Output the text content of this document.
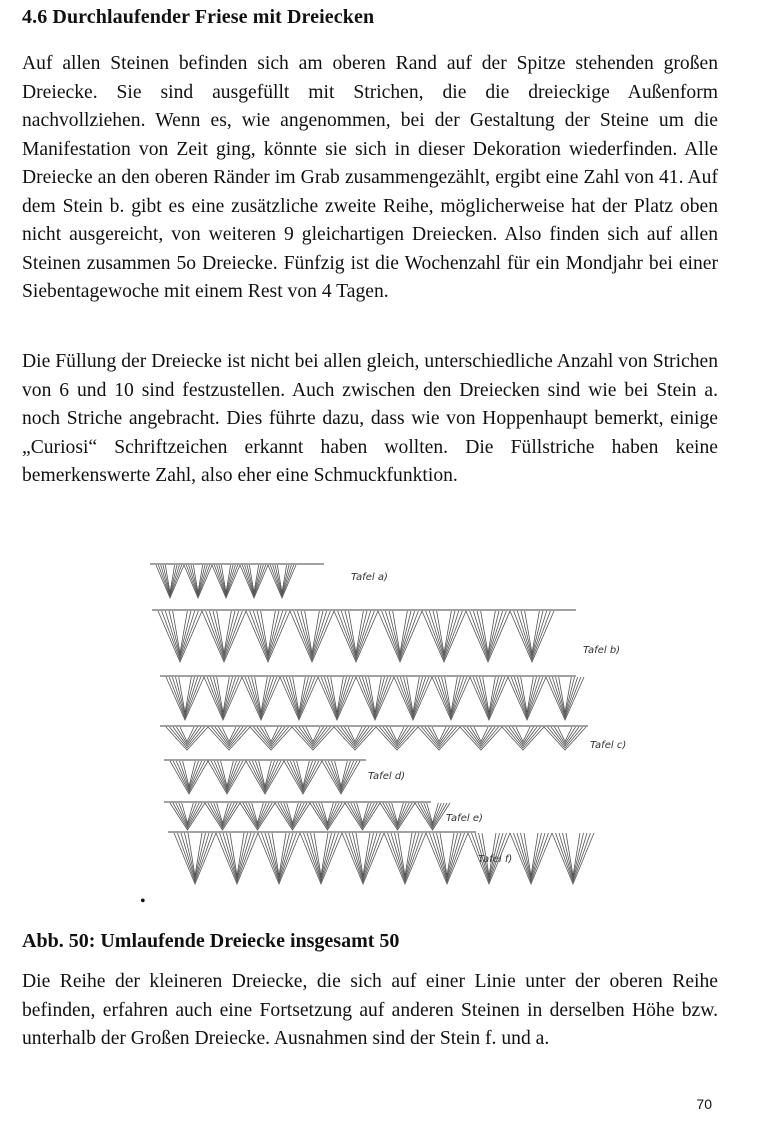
4.6 Durchlaufender Friese mit Dreiecken

Auf allen Steinen befinden sich am oberen Rand auf der Spitze stehenden großen Dreiecke. Sie sind ausgefüllt mit Strichen, die die dreieckige Außenform nachvollziehen. Wenn es, wie angenommen, bei der Gestaltung der Steine um die Manifestation von Zeit ging, könnte sie sich in dieser Dekoration wiederfinden. Alle Dreiecke an den oberen Ränder im Grab zusammengezählt, ergibt eine Zahl von 41. Auf dem Stein b. gibt es eine zusätzliche zweite Reihe, möglicherweise hat der Platz oben nicht ausgereicht, von weiteren 9 gleichartigen Dreiecken. Also finden sich auf allen Steinen zusammen 5o Dreiecke. Fünfzig ist die Wochenzahl für ein Mondjahr bei einer Siebentagewoche mit einem Rest von 4 Tagen.

Die Füllung der Dreiecke ist nicht bei allen gleich, unterschiedliche Anzahl von Strichen von 6 und 10 sind festzustellen. Auch zwischen den Dreiecken sind wie bei Stein a. noch Striche angebracht. Dies führte dazu, dass wie von Hoppenhaupt bemerkt, einige „Curiosi“ Schriftzeichen erkannt haben wollten. Die Füllstriche haben keine bemerkenswerte Zahl, also eher eine Schmuckfunktion.

Tafel a)
Tafel b)
Tafel c)
Tafel d)
Tafel e)
Tafel f)
•

Abb. 50: Umlaufende Dreiecke insgesamt 50

Die Reihe der kleineren Dreiecke, die sich auf einer Linie unter der oberen Reihe befinden, erfahren auch eine Fortsetzung auf anderen Steinen in derselben Höhe bzw. unterhalb der Großen Dreiecke. Ausnahmen sind der Stein f. und a.

70
